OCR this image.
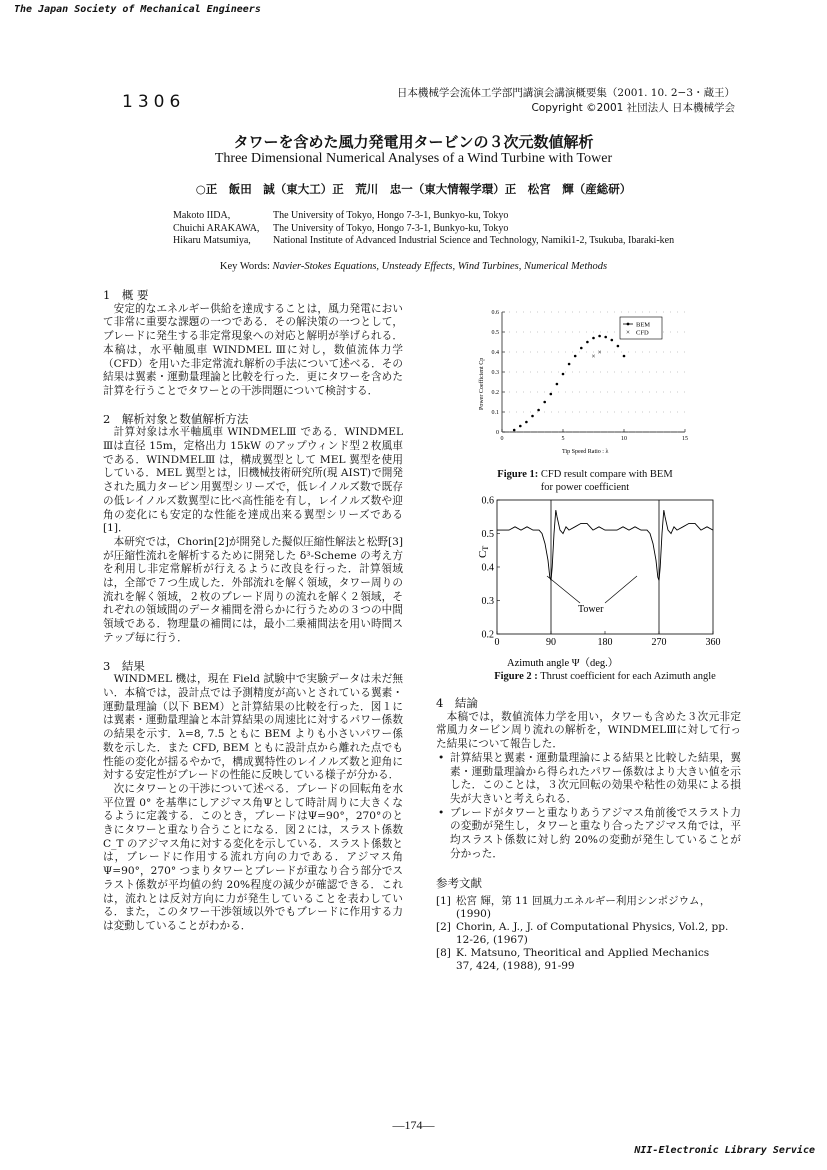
The Japan Society of Mechanical Engineers
NII-Electronic Library Service
1306	日本機械学会流体工学部門講演会講演概要集（2001. 10. 2−3・蔵王）
Copyright ©2001 社団法人 日本機械学会
タワーを含めた風力発電用タービンの３次元数値解析
Three Dimensional Numerical Analyses of a Wind Turbine with Tower
○正　飯田　誠（東大工）正　荒川　忠一（東大情報学環）正　松宮　輝（産総研）
Makoto IIDA,	The University of Tokyo, Hongo 7-3-1, Bunkyo-ku, Tokyo
Chuichi ARAKAWA,	The University of Tokyo, Hongo 7-3-1, Bunkyo-ku, Tokyo
Hikaru Matsumiya,	National Institute of Advanced Industrial Science and Technology, Namiki1-2, Tsukuba, Ibaraki-ken
Key Words: Navier-Stokes Equations, Unsteady Effects, Wind Turbines, Numerical Methods
1　概 要

安定的なエネルギー供給を達成することは，風力発電において非常に重要な課題の一つである．その解決策の一つとして，ブレードに発生する非定常現象への対応と解明が挙げられる．本稿は，水平軸風車 WINDMEL Ⅲに対し，数値流体力学（CFD）を用いた非定常流れ解析の手法について述べる．その結果は翼素・運動量理論と比較を行った．更にタワーを含めた計算を行うことでタワーとの干渉問題について検討する．

2　解析対象と数値解析方法

計算対象は水平軸風車 WINDMELⅢ である．WINDMEL Ⅲは直径 15m，定格出力 15kW のアップウィンド型２枚風車である．WINDMELⅢ は，構成翼型として MEL 翼型を使用している．MEL 翼型とは，旧機械技術研究所(現 AIST)で開発された風力タービン用翼型シリーズで，低レイノルズ数で既存の低レイノルズ数翼型に比べ高性能を有し，レイノルズ数や迎角の変化にも安定的な性能を達成出来る翼型シリーズである[1]．

本研究では，Chorin[2]が開発した擬似圧縮性解法と松野[3]が圧縮性流れを解析するために開発した δ³-Scheme の考え方を利用し非定常解析が行えるように改良を行った．計算領域は，全部で７つ生成した．外部流れを解く領域，タワー周りの流れを解く領域，２枚のブレード周りの流れを解く２領域，それぞれの領域間のデータ補間を滑らかに行うための３つの中間領域である．物理量の補間には，最小二乗補間法を用い時間ステップ毎に行う．

3　結果

WINDMEL 機は，現在 Field 試験中で実験データは未だ無い．本稿では，設計点では予測精度が高いとされている翼素・運動量理論（以下 BEM）と計算結果の比較を行った．図１には翼素・運動量理論と本計算結果の周速比に対するパワー係数の結果を示す．λ=8, 7.5 ともに BEM よりも小さいパワー係数を示した．また CFD, BEM ともに設計点から離れた点でも性能の変化が揺るやかで，構成翼特性のレイノルズ数と迎角に対する安定性がブレードの性能に反映している様子が分かる．

次にタワーとの干渉について述べる．ブレードの回転角を水平位置 0° を基準にしアジマス角Ψとして時計周りに大きくなるように定義する．このとき，ブレードはΨ=90°，270°のときにタワーと重なり合うことになる．図２には，スラスト係数 C_T のアジマス角に対する変化を示している．スラスト係数とは，ブレードに作用する流れ方向の力である．アジマス角Ψ=90°，270° つまりタワーとブレードが重なり合う部分でスラスト係数が平均値の約 20%程度の減少が確認できる．これは，流れとは反対方向に力が発生していることを表わしている．また，このタワー干渉領域以外でもブレードに作用する力は変動していることがわかる．

0	5	10	15
0
0.1
0.2
0.3
0.4
0.5
0.6
× ×
Power Coefficient Cp
Tip Speed Ratio : λ
BEM
× CFD
Figure 1: CFD result compare with BEM
for power coefficient
0	90	180	270	360
0.2
0.3
0.4
0.5
0.6
CT
Tower
Azimuth angle Ψ（deg.）
Figure 2 : Thrust coefficient for each Azimuth angle
4　結論

本稿では，数値流体力学を用い，タワーも含めた３次元非定常風力タービン周り流れの解析を，WINDMELⅢに対して行った結果について報告した．

• 計算結果と翼素・運動量理論による結果と比較した結果，翼素・運動量理論から得られたパワー係数はより大きい値を示した．このことは，３次元回転の効果や粘性の効果による損失が大きいと考えられる．
• ブレードがタワーと重なりあうアジマス角前後でスラスト力の変動が発生し，タワーと重なり合ったアジマス角では，平均スラスト係数に対し約 20%の変動が発生していることが分かった．
参考文献
[1] 松宮 輝，第 11 回風力エネルギー利用シンポジウム，
(1990)
[2] Chorin, A. J., J. of Computational Physics, Vol.2, pp.
12-26, (1967)
[8] K. Matsuno, Theoritical and Applied Mechanics
37, 424, (1988), 91-99
—174—
